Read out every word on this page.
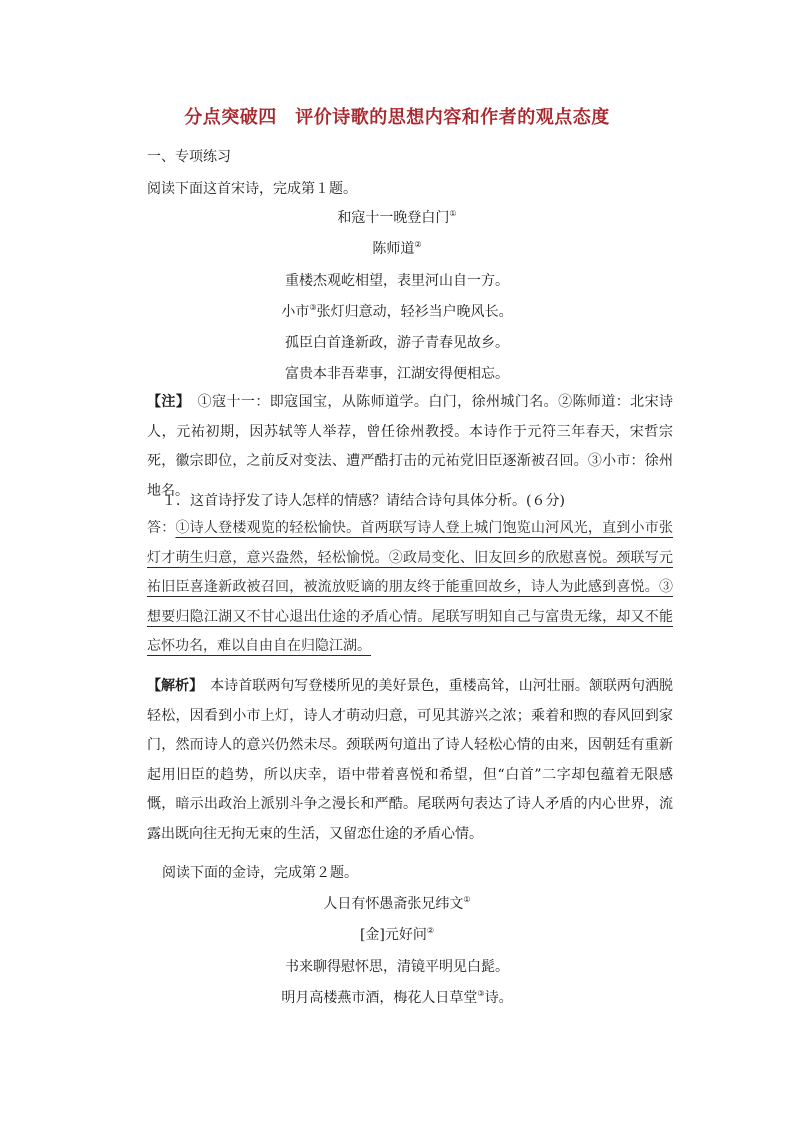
分点突破四　评价诗歌的思想内容和作者的观点态度
一、专项练习
阅读下面这首宋诗，完成第１题。
和寇十一晚登白门①
陈师道②
重楼杰观屹相望，表里河山自一方。
小市③张灯归意动，轻衫当户晚风长。
孤臣白首逢新政，游子青春见故乡。
富贵本非吾辈事，江湖安得便相忘。
【注】　①寇十一：即寇国宝，从陈师道学。白门，徐州城门名。②陈师道：北宋诗人，元祐初期，因苏轼等人举荐，曾任徐州教授。本诗作于元符三年春天，宋哲宗死，徽宗即位，之前反对变法、遭严酷打击的元祐党旧臣逐渐被召回。③小市：徐州地名。
１．这首诗抒发了诗人怎样的情感？请结合诗句具体分析。(６分)
答：①诗人登楼观览的轻松愉快。首两联写诗人登上城门饱览山河风光，直到小市张灯才萌生归意，意兴盎然，轻松愉悦。②政局变化、旧友回乡的欣慰喜悦。颈联写元祐旧臣喜逢新政被召回，被流放贬谪的朋友终于能重回故乡，诗人为此感到喜悦。③想要归隐江湖又不甘心退出仕途的矛盾心情。尾联写明知自己与富贵无缘，却又不能忘怀功名，难以自由自在归隐江湖。
【解析】　本诗首联两句写登楼所见的美好景色，重楼高耸，山河壮丽。颔联两句洒脱轻松，因看到小市上灯，诗人才萌动归意，可见其游兴之浓；乘着和煦的春风回到家门，然而诗人的意兴仍然未尽。颈联两句道出了诗人轻松心情的由来，因朝廷有重新起用旧臣的趋势，所以庆幸，语中带着喜悦和希望，但“白首”二字却包蕴着无限感慨，暗示出政治上派别斗争之漫长和严酷。尾联两句表达了诗人矛盾的内心世界，流露出既向往无拘无束的生活，又留恋仕途的矛盾心情。
阅读下面的金诗，完成第２题。
人日有怀愚斋张兄纬文①
[金]元好问②
书来聊得慰怀思，清镜平明见白髭。
明月高楼燕市酒，梅花人日草堂③诗。
